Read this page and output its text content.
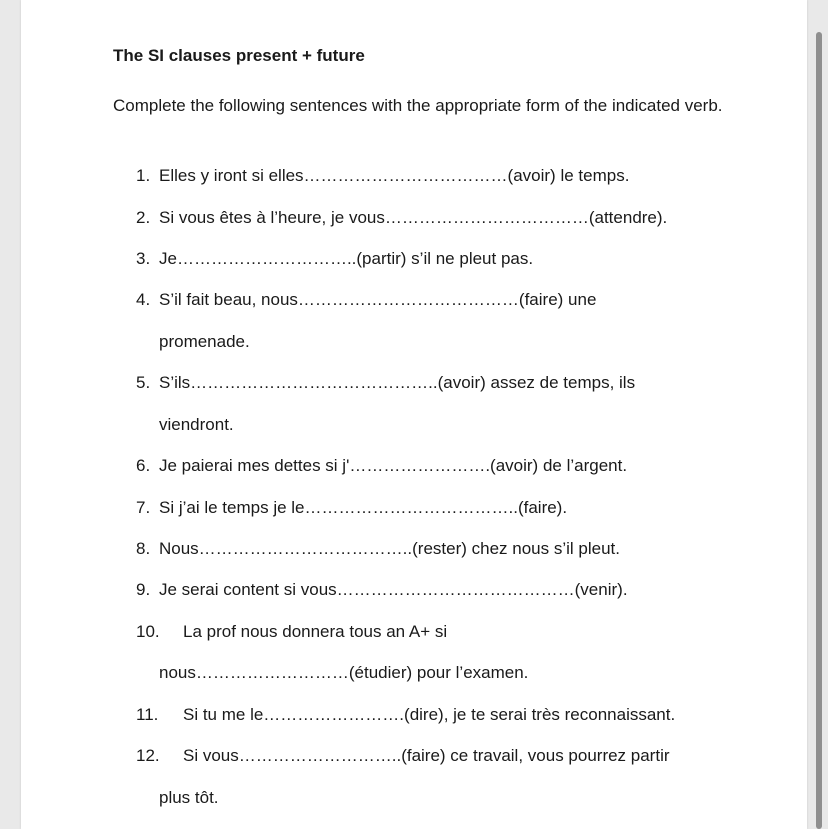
The SI clauses present + future
Complete the following sentences with the appropriate form of the indicated verb.
1. Elles y iront si elles………………………………(avoir) le temps.
2. Si vous êtes à l’heure, je vous………………………………(attendre).
3. Je…………………………..(partir) s’il ne pleut pas.
4. S’il fait beau, nous…………………………………(faire) une
promenade.
5. S’ils……………………………………..(avoir) assez de temps, ils
viendront.
6. Je paierai mes dettes si j'…………………….(avoir) de l’argent.
7. Si j’ai le temps je le………………………………..(faire).
8. Nous………………………………..(rester) chez nous s’il pleut.
9. Je serai content si vous……………………………………(venir).
10. La prof nous donnera tous an A+ si
nous………………………(étudier) pour l’examen.
11. Si tu me le…………………….(dire), je te serai très reconnaissant.
12. Si vous………………………..(faire) ce travail, vous pourrez partir
plus tôt.
